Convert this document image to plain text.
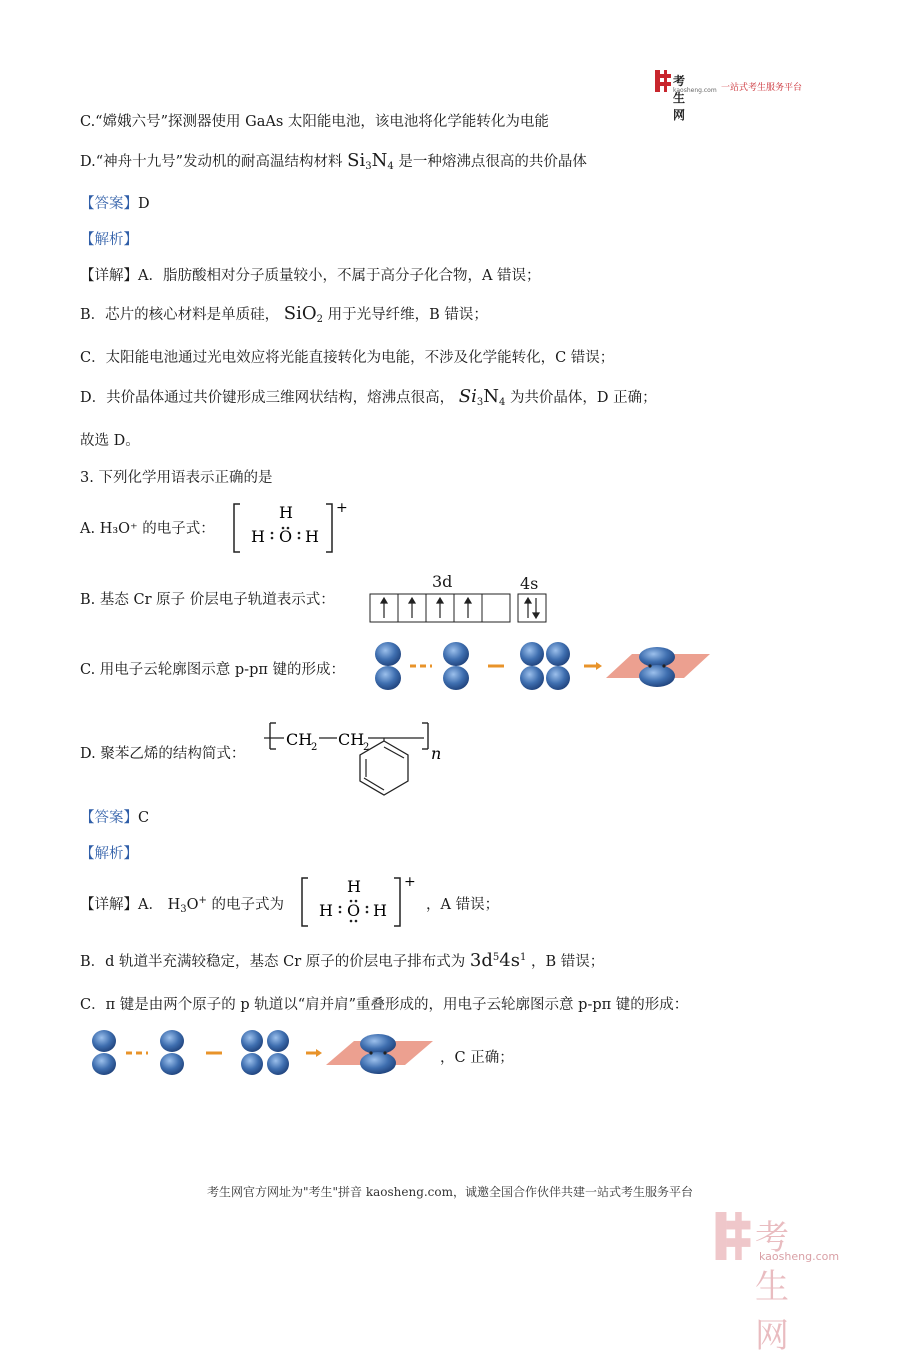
考生网
kaosheng.com 一站式考生服务平台
C.“嫦娥六号”探测器使用 GaAs 太阳能电池，该电池将化学能转化为电能
D.“神舟十九号”发动机的耐高温结构材料 $Si_3N_4$ 是一种熔沸点很高的共价晶体
【答案】D
【解析】
【详解】A．脂肪酸相对分子质量较小，不属于高分子化合物，A 错误；
B．芯片的核心材料是单质硅， SiO$_2$ 用于光导纤维，B 错误；
C．太阳能电池通过光电效应将光能直接转化为电能，不涉及化学能转化，C 错误；
D．共价晶体通过共价键形成三维网状结构，熔沸点很高， $Si_3N_4$ 为共价晶体，D 正确；
故选 D。
3. 下列化学用语表示正确的是
A. H₃O⁺ 的电子式：
H
H O H
+
B. 基态 Cr 原子 价层电子轨道表示式：
3d	4s
C. 用电子云轮廓图示意 p-pπ 键的形成：
D. 聚苯乙烯的结构简式：
CH
2 CH
2	n
【答案】C
【解析】
【详解】A． $H_3O^+$ 的电子式为
H
H O H
+
，A 错误；
B．d 轨道半充满较稳定，基态 Cr 原子的价层电子排布式为 $3d^54s^1$ ，B 错误；
C．π 键是由两个原子的 p 轨道以“肩并肩”重叠形成的，用电子云轮廓图示意 p-pπ 键的形成：
，C 正确；
考生网官方网址为"考生"拼音 kaosheng.com，诚邀全国合作伙伴共建一站式考生服务平台
考生网
kaosheng.com
